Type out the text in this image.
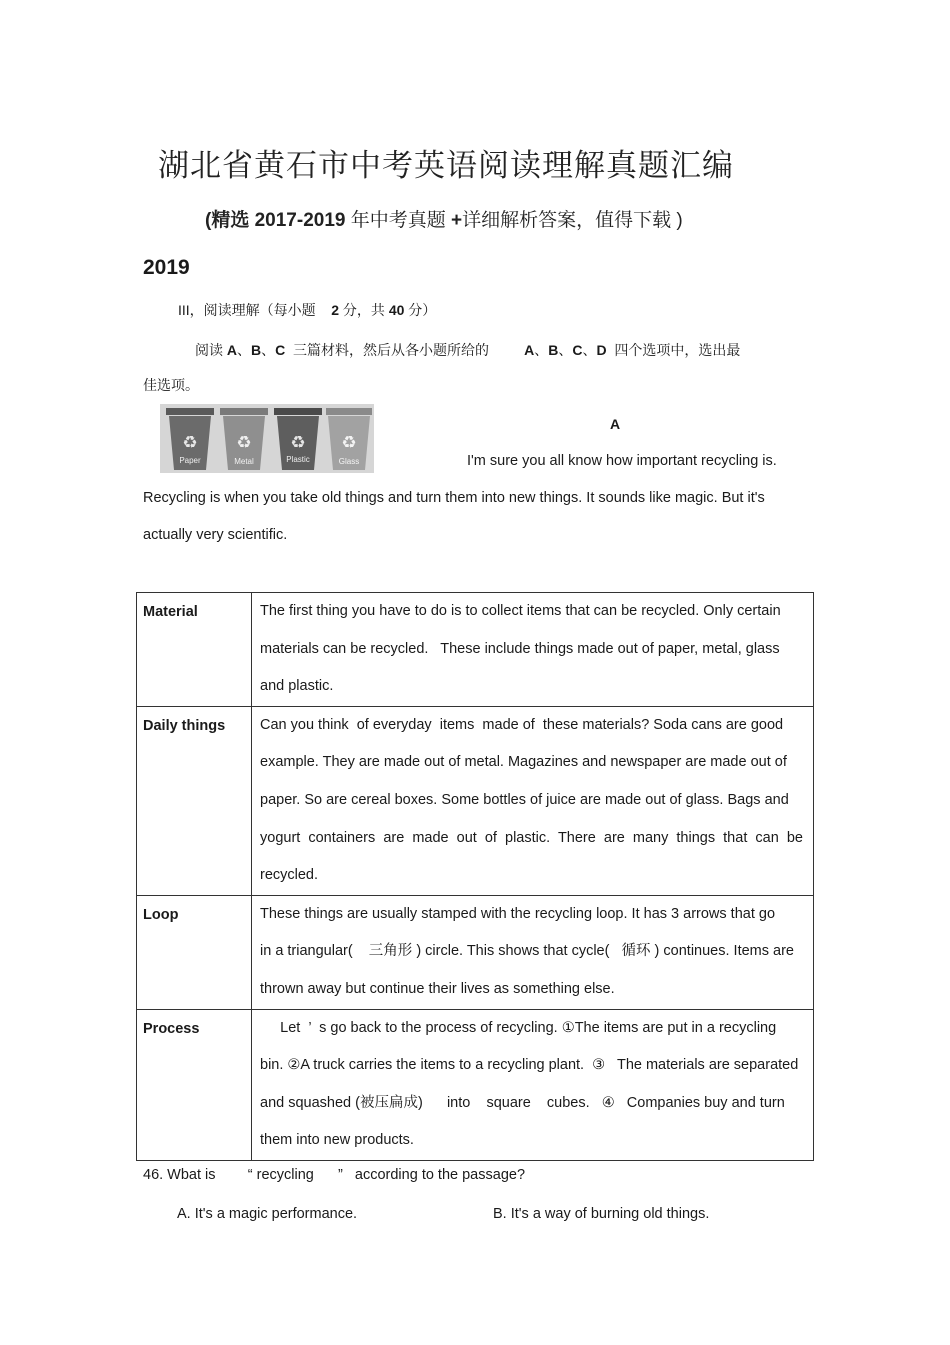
湖北省黄石市中考英语阅读理解真题汇编
(精选 2017-2019 年中考真题 +详细解析答案，值得下载 )
2019
III，阅读理解（每小题 2 分，共 40 分）
阅读 A、B、C  三篇材料，然后从各小题所给的         A、B、C、D  四个选项中，选出最
佳选项。
♻
Paper
♻
Metal
♻
Plastic
♻
Glass
A
I'm sure you all know how important recycling is.
Recycling is when you take old things and turn them into new things. It sounds like magic. But it's
actually very scientific.
Material	The first thing you have to do is to collect items that can be recycled. Only certain
materials can be recycled.   These include things made out of paper, metal, glass
and plastic.

Daily things	Can you think  of everyday  items  made of  these materials? Soda cans are good
example. They are made out of metal. Magazines and newspaper are made out of
paper. So are cereal boxes. Some bottles of juice are made out of glass. Bags and
yogurt  containers  are  made  out  of  plastic.  There  are  many  things  that  can  be
recycled.

Loop	These things are usually stamped with the recycling loop. It has 3 arrows that go
in a triangular(    三角形 ) circle. This shows that cycle(   循环 ) continues. Items are
thrown away but continue their lives as something else.

Process	Let  ’  s go back to the process of recycling. ①The items are put in a recycling
bin. ②A truck carries the items to a recycling plant.  ③   The materials are separated
and squashed (被压扁成)      into    square    cubes.   ④   Companies buy and turn
them into new products.
46. Wbat is        “ recycling      ”   according to the passage?
A. It's a magic performance.	B. It's a way of burning old things.
